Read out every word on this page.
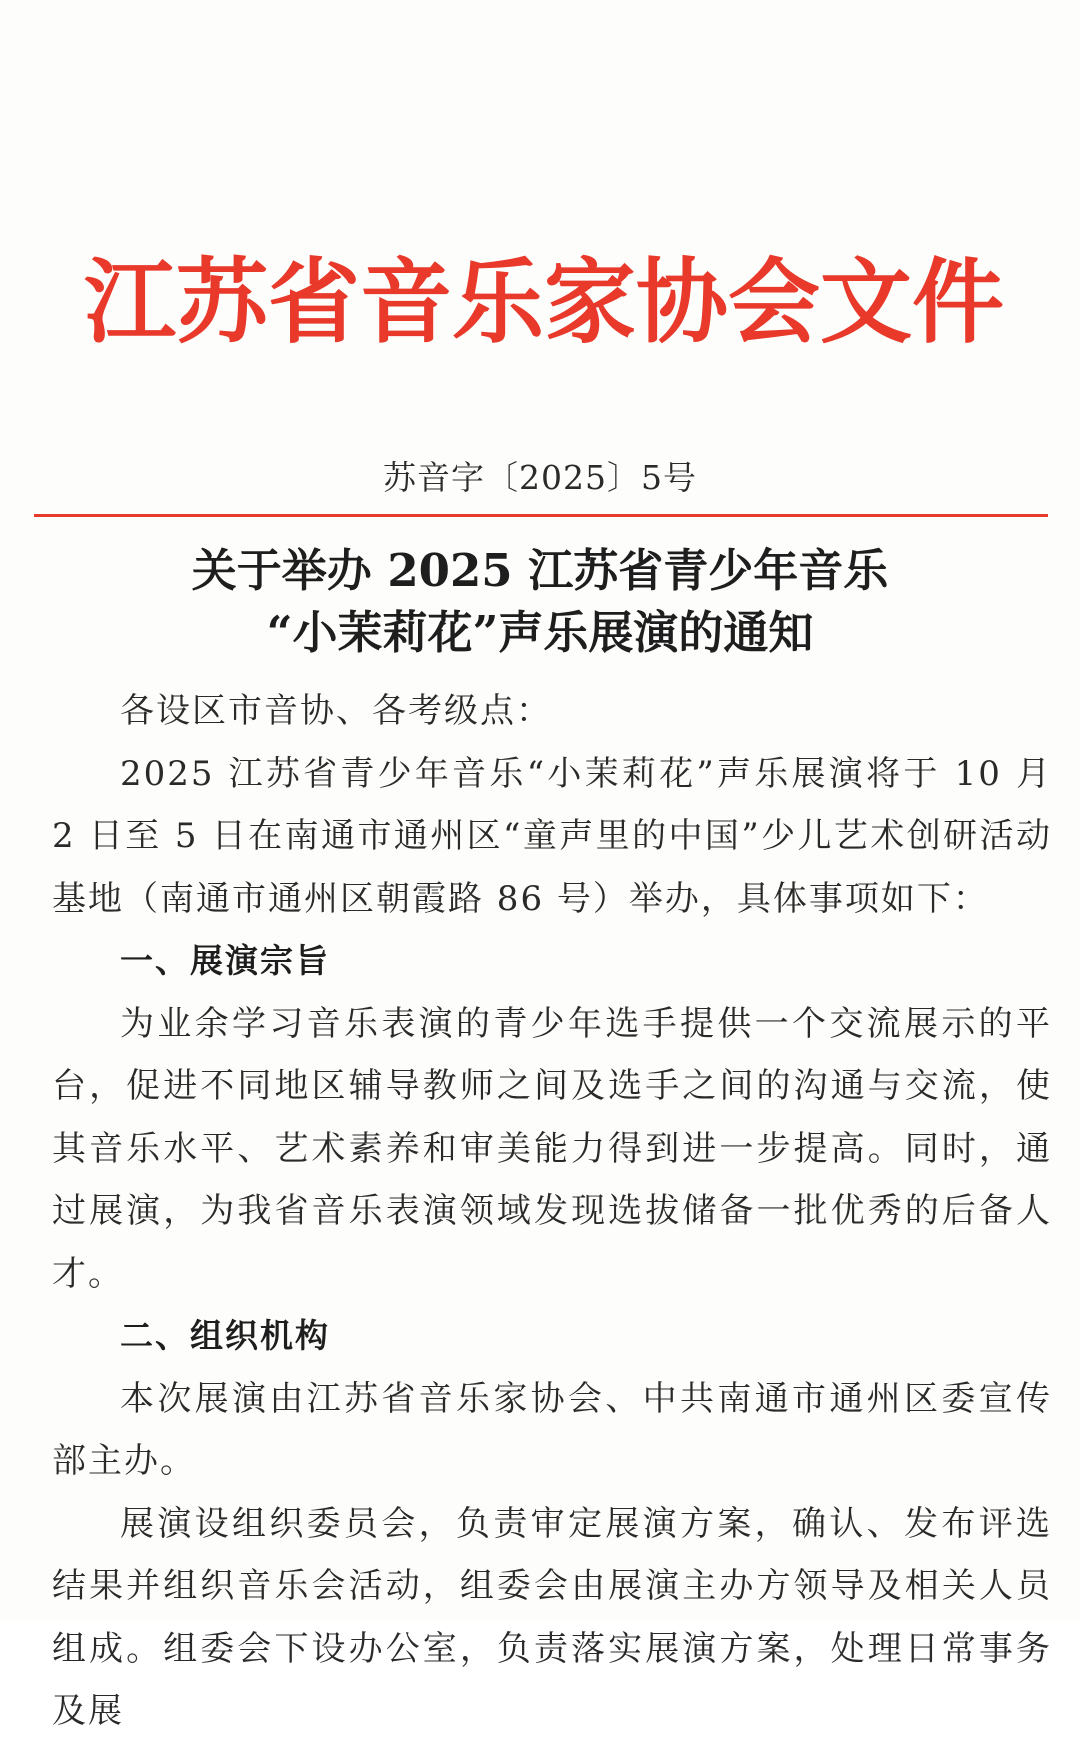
江苏省音乐家协会文件
苏音字〔2025〕5号
关于举办 2025 江苏省青少年音乐
“小茉莉花”声乐展演的通知

各设区市音协、各考级点：

2025 江苏省青少年音乐“小茉莉花”声乐展演将于 10 月 2 日至 5 日在南通市通州区“童声里的中国”少儿艺术创研活动基地（南通市通州区朝霞路 86 号）举办，具体事项如下：

一、展演宗旨

为业余学习音乐表演的青少年选手提供一个交流展示的平台，促进不同地区辅导教师之间及选手之间的沟通与交流，使其音乐水平、艺术素养和审美能力得到进一步提高。同时，通过展演，为我省音乐表演领域发现选拔储备一批优秀的后备人才。

二、组织机构

本次展演由江苏省音乐家协会、中共南通市通州区委宣传部主办。

展演设组织委员会，负责审定展演方案，确认、发布评选结果并组织音乐会活动，组委会由展演主办方领导及相关人员组成。组委会下设办公室，负责落实展演方案，处理日常事务及展
